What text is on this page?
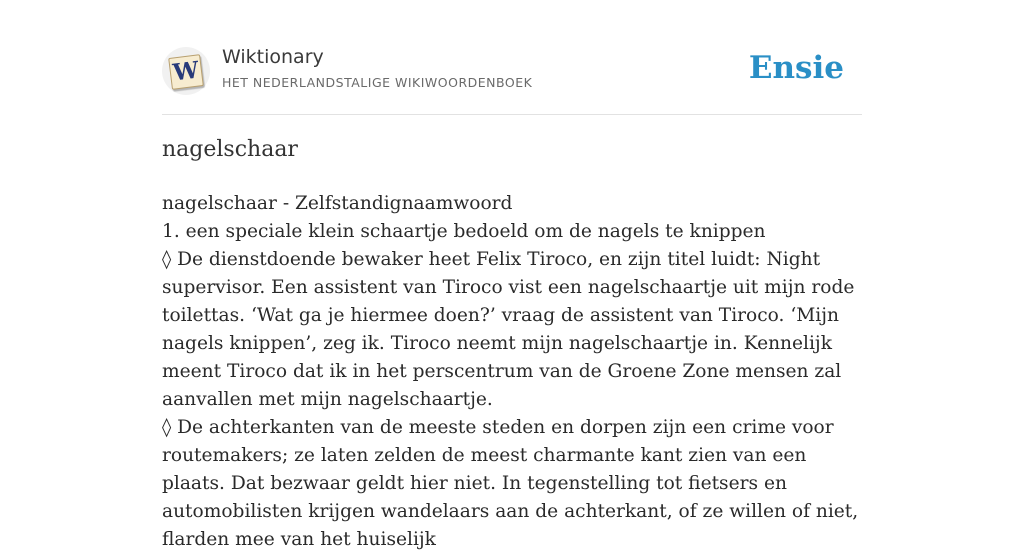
W Wiktionary
HET NEDERLANDSTALIGE WIKIWOORDENBOEK	Ensie
nagelschaar

nagelschaar - Zelfstandignaamwoord

1. een speciale klein schaartje bedoeld om de nagels te knippen

◊ De dienstdoende bewaker heet Felix Tiroco, en zijn titel luidt: Night supervisor. Een assistent van Tiroco vist een nagelschaartje uit mijn rode toilettas. ‘Wat ga je hiermee doen?’ vraag de assistent van Tiroco. ‘Mijn nagels knippen’, zeg ik. Tiroco neemt mijn nagelschaartje in. Kennelijk meent Tiroco dat ik in het perscentrum van de Groene Zone mensen zal aanvallen met mijn nagelschaartje.

◊ De achterkanten van de meeste steden en dorpen zijn een crime voor routemakers; ze laten zelden de meest charmante kant zien van een plaats. Dat bezwaar geldt hier niet. In tegenstelling tot fietsers en automobilisten krijgen wandelaars aan de achterkant, of ze willen of niet, flarden mee van het huiselijk
